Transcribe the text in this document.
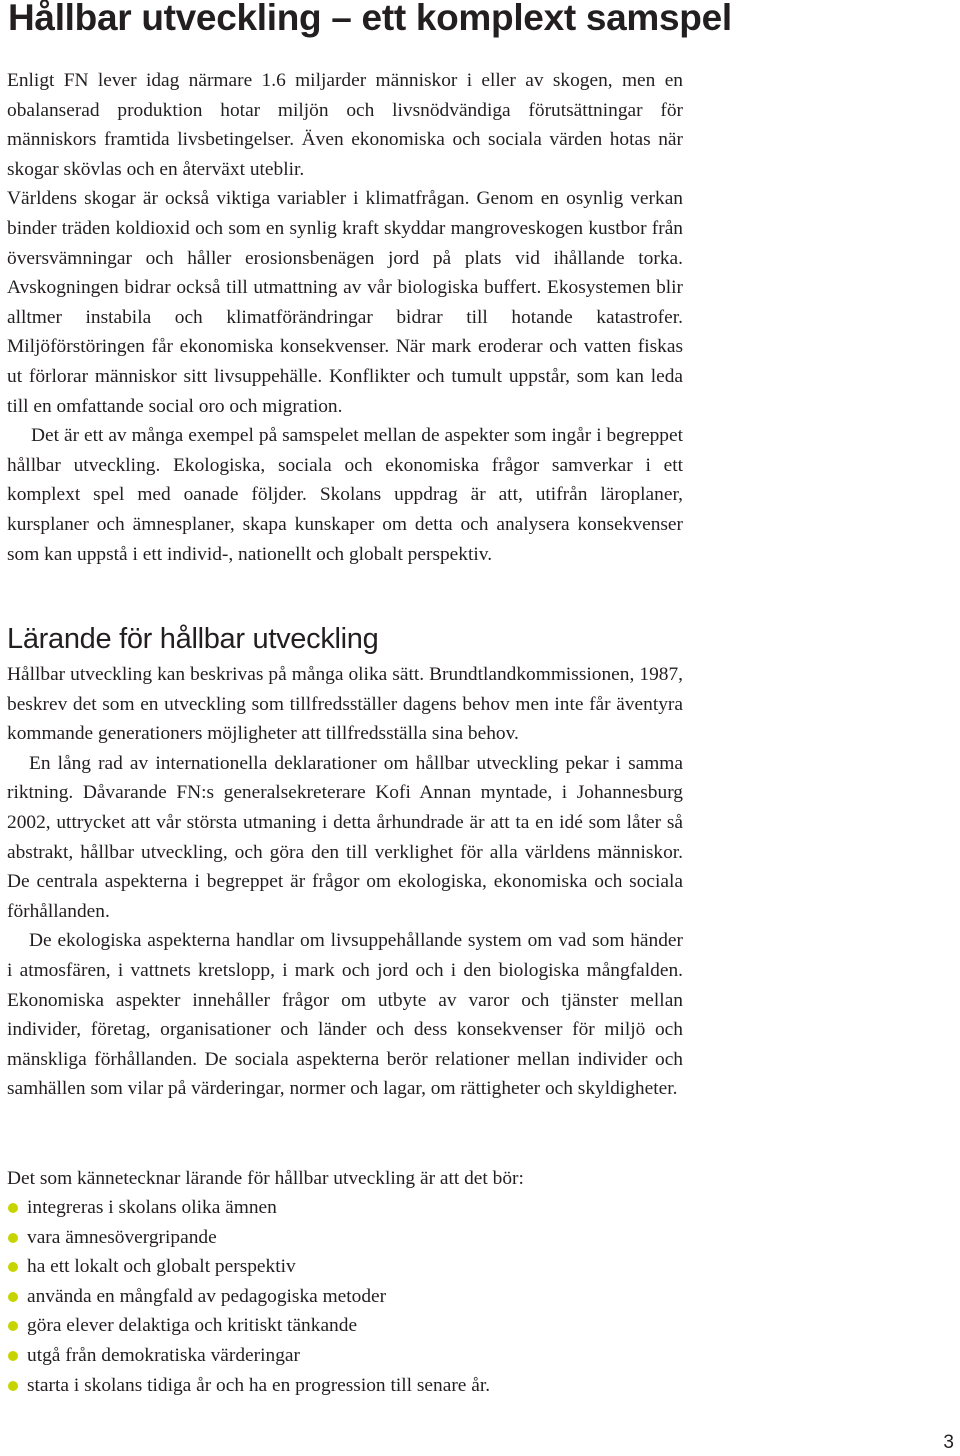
Hållbar utveckling – ett komplext samspel

Enligt FN lever idag närmare 1.6 miljarder människor i eller av skogen, men en obalanserad produktion hotar miljön och livsnödvändiga förutsättningar för människors framtida livsbetingelser. Även ekonomiska och sociala värden hotas när skogar skövlas och en återväxt uteblir.

Världens skogar är också viktiga variabler i klimatfrågan. Genom en osynlig verkan binder träden koldioxid och som en synlig kraft skyddar mangroveskogen kustbor från översvämningar och håller erosionsbenägen jord på plats vid ihållande torka. Avskogningen bidrar också till utmattning av vår biologiska buffert. Ekosystemen blir alltmer instabila och klimatförändringar bidrar till hotande katastrofer. Miljöförstöringen får ekonomiska konsekvenser. När mark eroderar och vatten fiskas ut förlorar människor sitt livsuppehälle. Konflikter och tumult uppstår, som kan leda till en omfattande social oro och migration.

Det är ett av många exempel på samspelet mellan de aspekter som ingår i begreppet hållbar utveckling. Ekologiska, sociala och ekonomiska frågor samverkar i ett komplext spel med oanade följder. Skolans uppdrag är att, utifrån läroplaner, kursplaner och ämnesplaner, skapa kunskaper om detta och analysera konsekvenser som kan uppstå i ett individ-, nationellt och globalt perspektiv.

Lärande för hållbar utveckling

Hållbar utveckling kan beskrivas på många olika sätt. Brundtlandkommissionen, 1987, beskrev det som en utveckling som tillfredsställer dagens behov men inte får äventyra kommande generationers möjligheter att tillfredsställa sina behov.

En lång rad av internationella deklarationer om hållbar utveckling pekar i samma riktning. Dåvarande FN:s generalsekreterare Kofi Annan myntade, i Johannesburg 2002, uttrycket att vår största utmaning i detta århundrade är att ta en idé som låter så abstrakt, hållbar utveckling, och göra den till verklighet för alla världens människor. De centrala aspekterna i begreppet är frågor om ekologiska, ekonomiska och sociala förhållanden.

De ekologiska aspekterna handlar om livsuppehållande system om vad som händer i atmosfären, i vattnets kretslopp, i mark och jord och i den biologiska mångfalden. Ekonomiska aspekter innehåller frågor om utbyte av varor och tjänster mellan individer, företag, organisationer och länder och dess konsekvenser för miljö och mänskliga förhållanden. De sociala aspekterna berör relationer mellan individer och samhällen som vilar på värderingar, normer och lagar, om rättigheter och skyldigheter.

Det som kännetecknar lärande för hållbar utveckling är att det bör:

integreras i skolans olika ämnen
vara ämnesövergripande
ha ett lokalt och globalt perspektiv
använda en mångfald av pedagogiska metoder
göra elever delaktiga och kritiskt tänkande
utgå från demokratiska värderingar
starta i skolans tidiga år och ha en progression till senare år.
3
